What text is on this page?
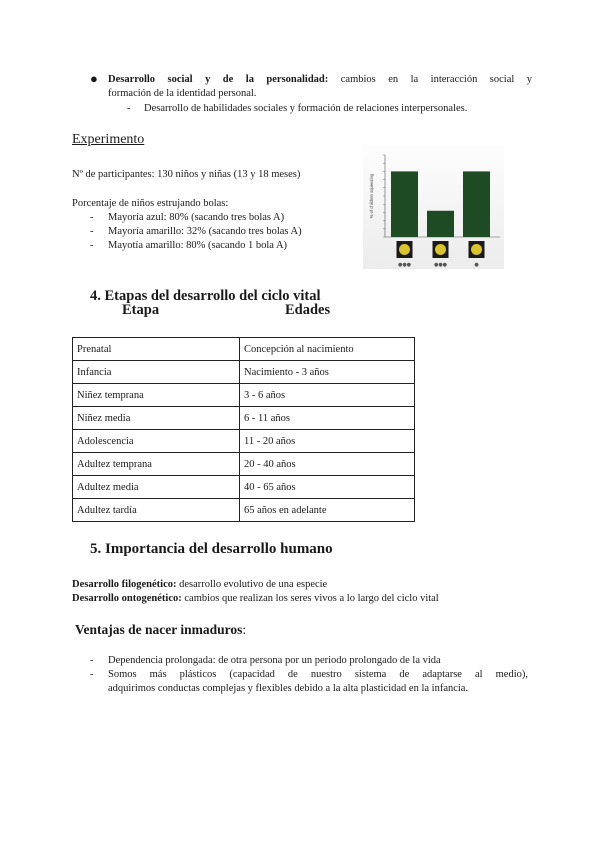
● Desarrollo social y de la personalidad: cambios en la interacción social y
formación de la identidad personal.
- Desarrollo de habilidades sociales y formación de relaciones interpersonales.
Experimento
Nº de participantes: 130 niños y niñas (13 y 18 meses)
Porcentaje de niños estrujando bolas:
- Mayoría azul: 80% (sacando tres bolas A)
- Mayoría amarillo: 32% (sacando tres bolas A)
- Mayotía amarillo: 80% (sacando 1 bola A)
% of children squeezing
●●●	●●●	●
4. Etapas del desarrollo del ciclo vital
Etapa	Edades
Prenatal	Concepción al nacimiento
Infancia	Nacimiento - 3 años
Niñez temprana	3 - 6 años
Niñez media	6 - 11 años
Adolescencia	11 - 20 años
Adultez temprana	20 - 40 años
Adultez media	40 - 65 años
Adultez tardía	65 años en adelante
5. Importancia del desarrollo humano
Desarrollo filogenético: desarrollo evolutivo de una especie
Desarrollo ontogenético: cambios que realizan los seres vivos a lo largo del ciclo vital
Ventajas de nacer inmaduros:
- Dependencia prolongada: de otra persona por un periodo prolongado de la vida
- Somos más plásticos (capacidad de nuestro sistema de adaptarse al medio),
adquirimos conductas complejas y flexibles debido a la alta plasticidad en la infancia.
